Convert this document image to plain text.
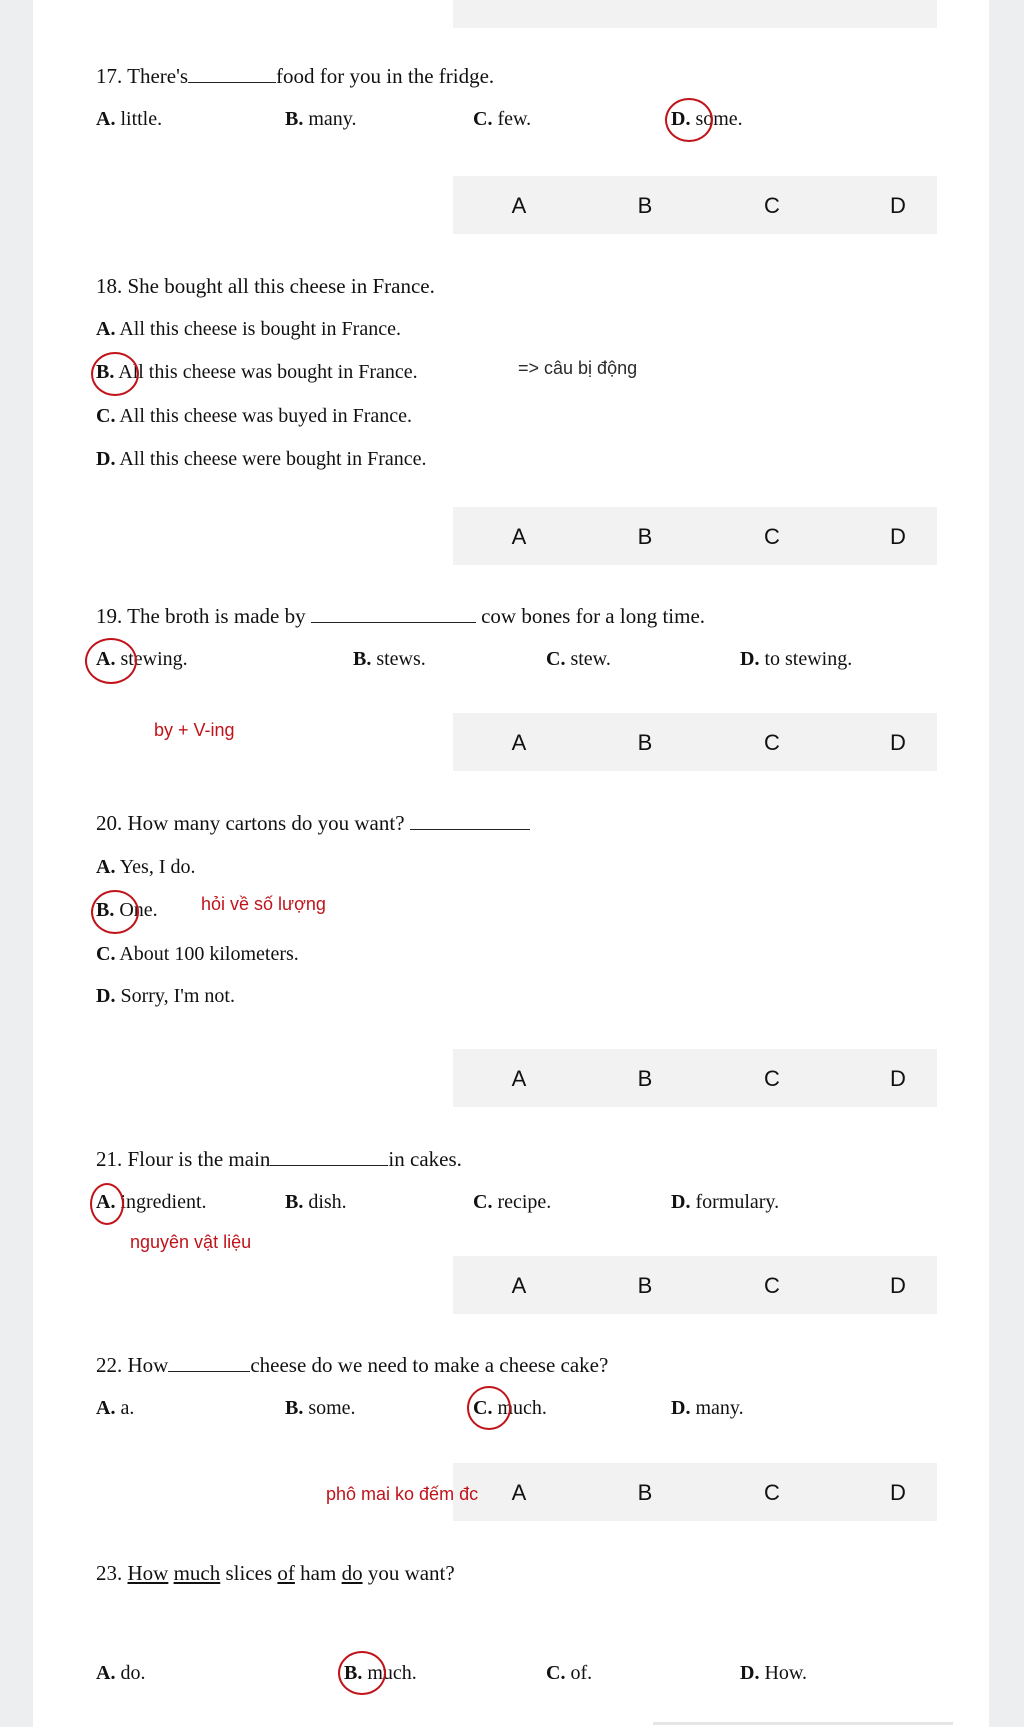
17. There's	food for you in the fridge.
A. little.	B. many.	C. few.	D. some.
A	B	C	D
18. She bought all this cheese in France.
A. All this cheese is bought in France.
B. All this cheese was bought in France.	=> câu bị động
C. All this cheese was buyed in France.
D. All this cheese were bought in France.
A	B	C	D
19. The broth is made by	cow bones for a long time.
A. stewing.	B. stews.	C. stew.	D. to stewing.
by + V-ing	A	B	C	D
20. How many cartons do you want?
A. Yes, I do.
B. One. hỏi về số lượng
C. About 100 kilometers.
D. Sorry, I'm not.
A	B	C	D
21. Flour is the main	in cakes.
A. ingredient.	B. dish.	C. recipe.	D. formulary.
nguyên vật liệu
A	B	C	D
22. How	cheese do we need to make a cheese cake?
A. a.	B. some.	C. much.	D. many.
A	B	C	D
phô mai ko đếm đc
23. How much slices of ham do you want?
A. do.	B. much.	C. of.	D. How.
